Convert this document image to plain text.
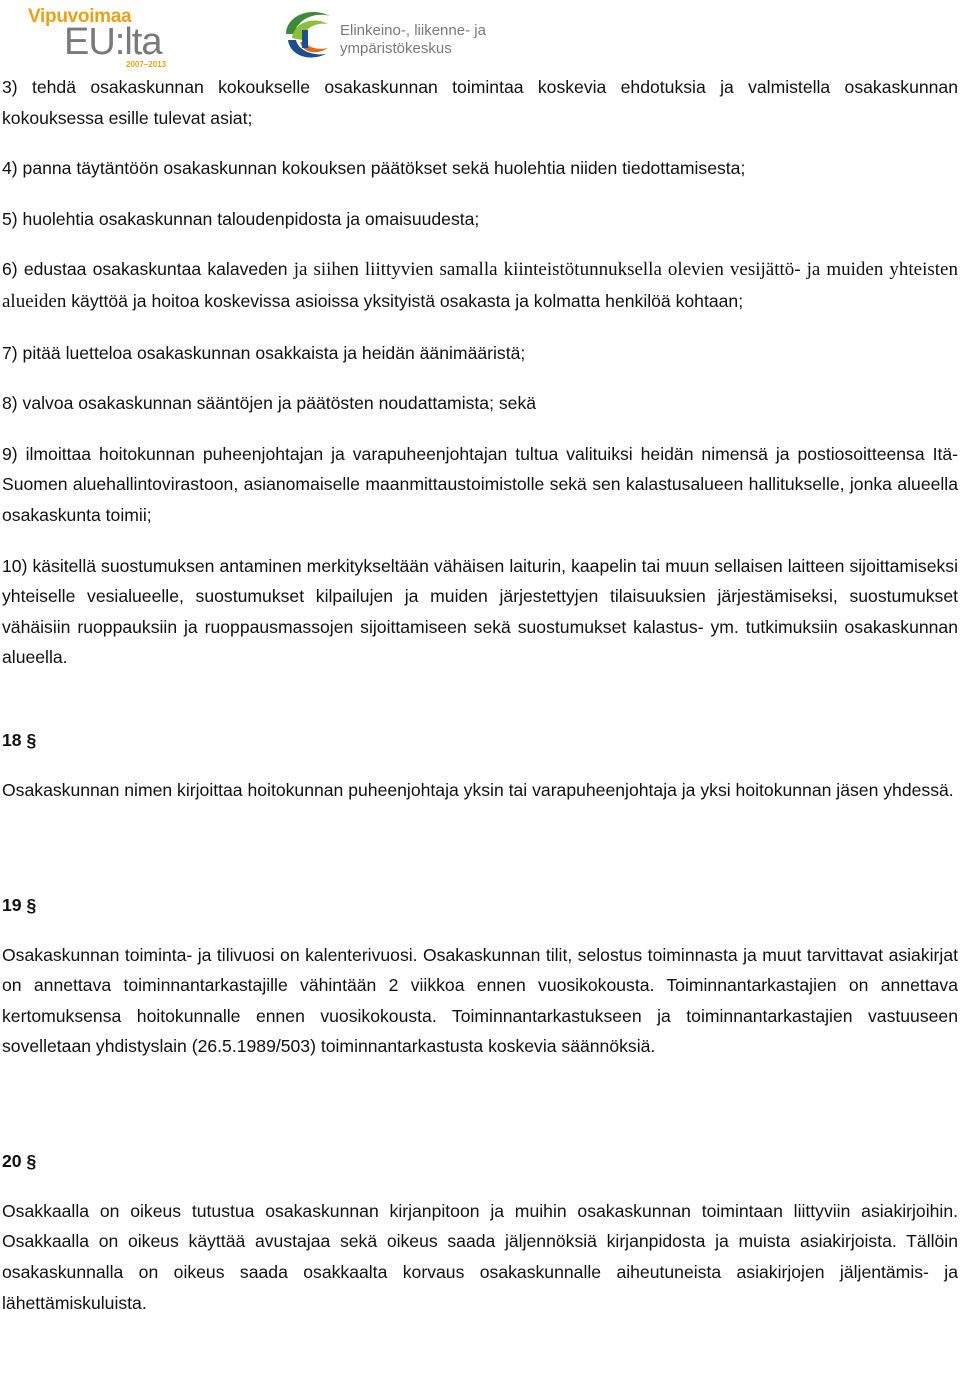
Vipuvoimaa
EU:lta
2007–2013
Elinkeino-, liikenne- ja
ympäristökeskus

3) tehdä osakaskunnan kokoukselle osakaskunnan toimintaa koskevia ehdotuksia ja valmistella osakaskunnan kokouksessa esille tulevat asiat;

4) panna täytäntöön osakaskunnan kokouksen päätökset sekä huolehtia niiden tiedottamisesta;

5) huolehtia osakaskunnan taloudenpidosta ja omaisuudesta;

6) edustaa osakaskuntaa kalaveden ja siihen liittyvien samalla kiinteistötunnuksella olevien vesijättö- ja muiden yhteisten alueiden käyttöä ja hoitoa koskevissa asioissa yksityistä osakasta ja kolmatta henkilöä kohtaan;

7) pitää luetteloa osakaskunnan osakkaista ja heidän äänimääristä;

8) valvoa osakaskunnan sääntöjen ja päätösten noudattamista; sekä

9) ilmoittaa hoitokunnan puheenjohtajan ja varapuheenjohtajan tultua valituiksi heidän nimensä ja postiosoitteensa Itä-Suomen aluehallintovirastoon, asianomaiselle maanmittaustoimistolle sekä sen kalastusalueen hallitukselle, jonka alueella osakaskunta toimii;

10) käsitellä suostumuksen antaminen merkitykseltään vähäisen laiturin, kaapelin tai muun sellaisen laitteen sijoittamiseksi yhteiselle vesialueelle, suostumukset kilpailujen ja muiden järjestettyjen tilaisuuksien järjestämiseksi, suostumukset vähäisiin ruoppauksiin ja ruoppausmassojen sijoittamiseen sekä suostumukset kalastus- ym. tutkimuksiin osakaskunnan alueella.

18 §

Osakaskunnan nimen kirjoittaa hoitokunnan puheenjohtaja yksin tai varapuheenjohtaja ja yksi hoitokunnan jäsen yhdessä.

19 §

Osakaskunnan toiminta- ja tilivuosi on kalenterivuosi. Osakaskunnan tilit, selostus toiminnasta ja muut tarvittavat asiakirjat on annettava toiminnantarkastajille vähintään 2 viikkoa ennen vuosikokousta. Toiminnantarkastajien on annettava kertomuksensa hoitokunnalle ennen vuosikokousta. Toiminnantarkastukseen ja toiminnantarkastajien vastuuseen sovelletaan yhdistyslain (26.5.1989/503) toiminnantarkastusta koskevia säännöksiä.

20 §

Osakkaalla on oikeus tutustua osakaskunnan kirjanpitoon ja muihin osakaskunnan toimintaan liittyviin asiakirjoihin. Osakkaalla on oikeus käyttää avustajaa sekä oikeus saada jäljennöksiä kirjanpidosta ja muista asiakirjoista. Tällöin osakaskunnalla on oikeus saada osakkaalta korvaus osakaskunnalle aiheutuneista asiakirjojen jäljentämis- ja lähettämiskuluista.
